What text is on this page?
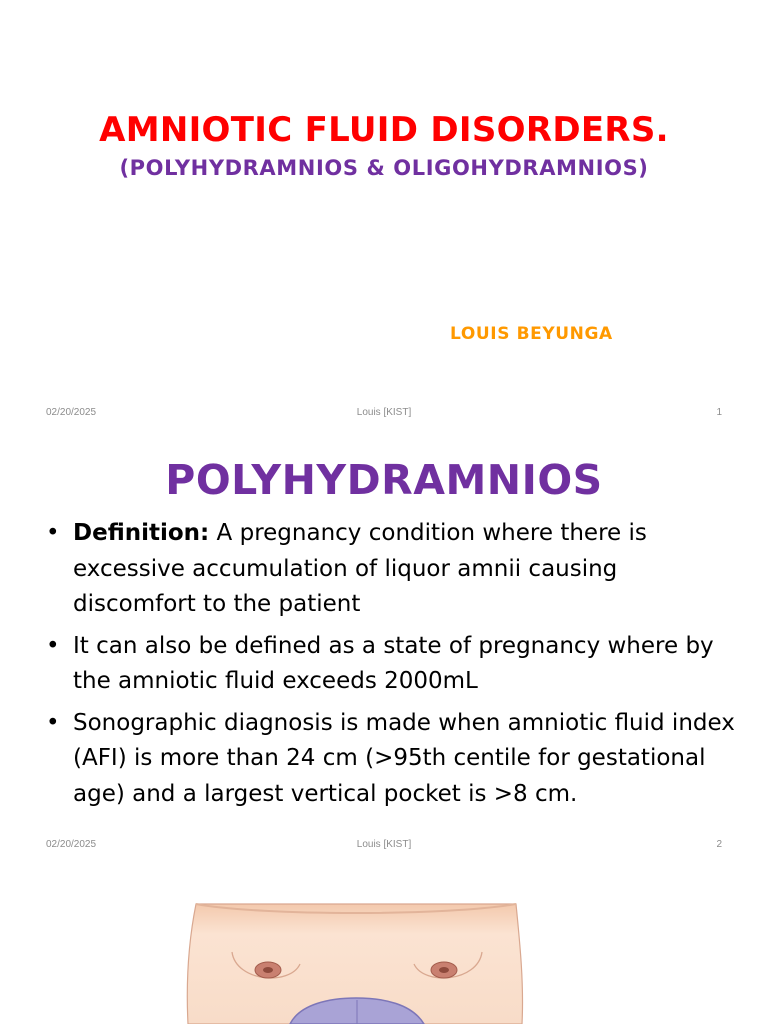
AMNIOTIC FLUID DISORDERS.
(POLYHYDRAMNIOS & OLIGOHYDRAMNIOS)
LOUIS BEYUNGA
02/20/2025	Louis [KIST]	1
POLYHYDRAMNIOS
• Definition: A pregnancy condition where there is excessive accumulation of liquor amnii causing discomfort to the patient
• It can also be defined as a state of pregnancy where by the amniotic fluid exceeds 2000mL
• Sonographic diagnosis is made when amniotic fluid index (AFI) is more than 24 cm (>95th centile for gestational age) and a largest vertical pocket is >8 cm.
02/20/2025	Louis [KIST]	2
